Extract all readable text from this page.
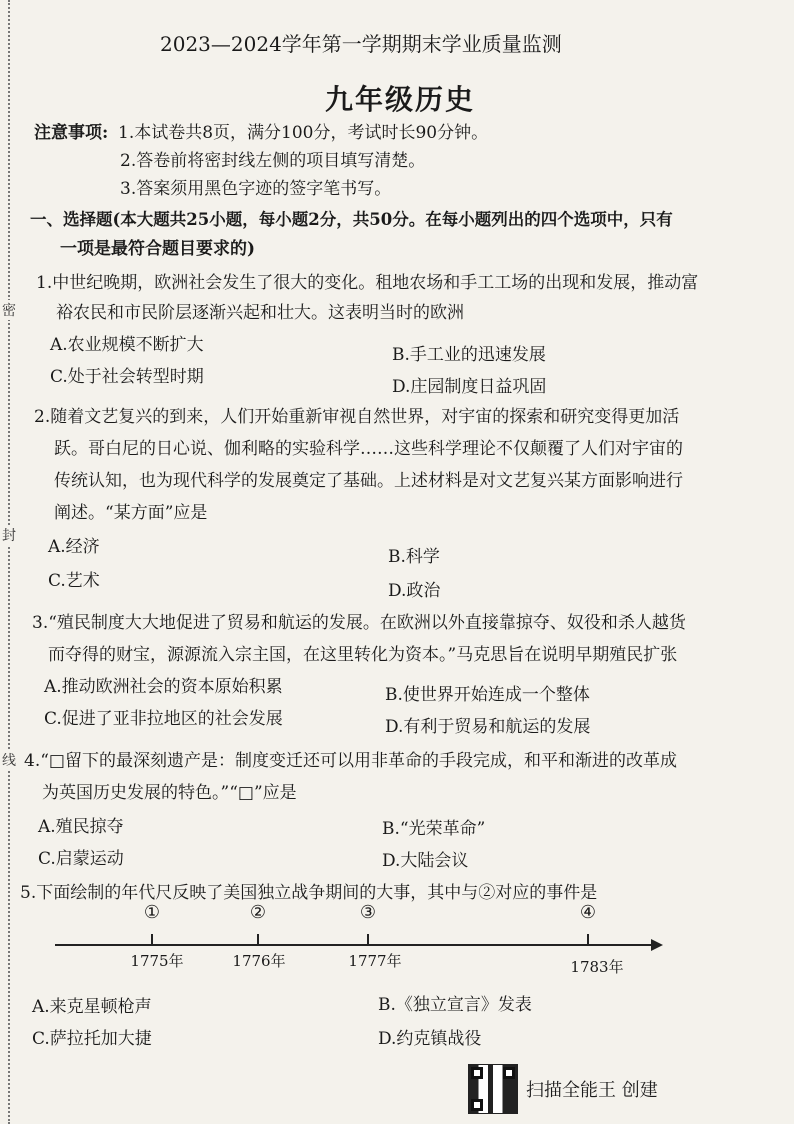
密
封
线
2023—2024学年第一学期期末学业质量监测
九年级历史
注意事项: 1.本试卷共8页，满分100分，考试时长90分钟。
2.答卷前将密封线左侧的项目填写清楚。
3.答案须用黑色字迹的签字笔书写。
一、选择题(本大题共25小题，每小题2分，共50分。在每小题列出的四个选项中，只有
一项是最符合题目要求的)
1.中世纪晚期，欧洲社会发生了很大的变化。租地农场和手工工场的出现和发展，推动富
裕农民和市民阶层逐渐兴起和壮大。这表明当时的欧洲
A.农业规模不断扩大	B.手工业的迅速发展
C.处于社会转型时期	D.庄园制度日益巩固
2.随着文艺复兴的到来，人们开始重新审视自然世界，对宇宙的探索和研究变得更加活
跃。哥白尼的日心说、伽利略的实验科学……这些科学理论不仅颠覆了人们对宇宙的
传统认知，也为现代科学的发展奠定了基础。上述材料是对文艺复兴某方面影响进行
阐述。“某方面”应是
A.经济	B.科学
C.艺术	D.政治
3.“殖民制度大大地促进了贸易和航运的发展。在欧洲以外直接靠掠夺、奴役和杀人越货
而夺得的财宝，源源流入宗主国，在这里转化为资本。”马克思旨在说明早期殖民扩张
A.推动欧洲社会的资本原始积累	B.使世界开始连成一个整体
C.促进了亚非拉地区的社会发展	D.有利于贸易和航运的发展
4.“□留下的最深刻遗产是：制度变迁还可以用非革命的手段完成，和平和渐进的改革成
为英国历史发展的特色。”“□”应是
A.殖民掠夺	B.“光荣革命”
C.启蒙运动	D.大陆会议
5.下面绘制的年代尺反映了美国独立战争期间的大事，其中与②对应的事件是
①	②	③	④
1775年	1776年	1777年	1783年
A.来克星顿枪声	B.《独立宣言》发表
C.萨拉托加大捷	D.约克镇战役
扫描全能王 创建
